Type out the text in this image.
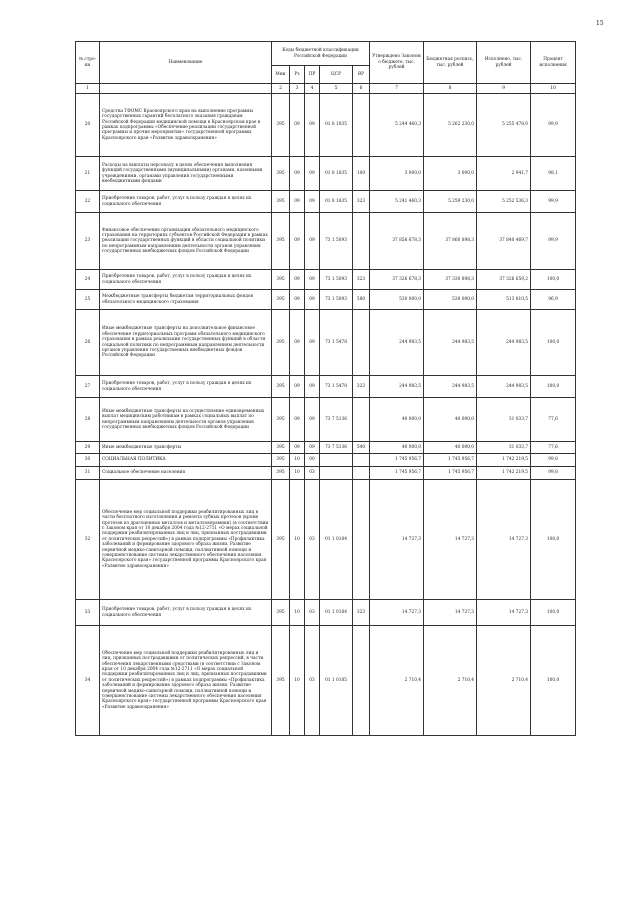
15
№ стро-ки	Наименование	Коды бюджетной классификации Российской Федерации					Утверждено Законом о бюджете, тыс. рублей	Бюджетная роспись, тыс. рублей	Исполнено, тыс. рублей	Процент исполнения
		Мин	Рз	ПР	ЦСР	ВР				
1		2	3	4	5	6	7	8	9	10
20	Средства ТФОМС Красноярского края на выполнение программы государственных гарантий бесплатного оказания гражданам Российской Федерации медицинской помощи в Красноярском крае в рамках подпрограммы «Обеспечение реализации государственной программы и прочие мероприятия» государственной программы Красноярского края «Развитие здравоохранения»	395	09	09	01 8 1835		5 244 460,3	5 262 230,0	5 255 478,0	99,9
21	Расходы на выплаты персоналу в целях обеспечения выполнения функций государственными (муниципальными) органами, казенными учреждениями, органами управления государственными внебюджетными фондами	395	09	09	01 8 1835	100	3 000,0	3 000,0	2 941,7	98,1
22	Приобретение товаров, работ, услуг в пользу граждан в целях их социального обеспечения	395	09	09	01 8 1835	323	5 241 460,3	5 259 230,0	5 252 536,3	99,9
23	Финансовое обеспечение организации обязательного медицинского страхования на территориях субъектов Российской Федерации в рамках реализации государственных функций в области социальной политики по непрограммным направлениям деятельности органов управления государственных внебюджетных фондов Российской Федерации	395	09	09	73 1 5093		37 856 678,3	37 860 898,3	37 840 469,7	99,9
24	Приобретение товаров, работ, услуг в пользу граждан в целях их социального обеспечения	395	09	09	73 1 5093	323	37 326 678,3	37 330 898,3	37 326 659,2	100,0
25	Межбюджетные трансферты бюджетам территориальных фондов обязательного медицинского страхования	395	09	09	73 1 5093	580	530 000,0	530 000,0	513 810,5	96,9
26	Иные межбюджетные трансферты на дополнительное финансовое обеспечение территориальных программ обязательного медицинского страхования в рамках реализации государственных функций в области социальной политики по непрограммным направлениям деятельности органов управления государственных внебюджетных фондов Российской Федерации	395	09	09	73 1 5478		244 983,5	244 983,5	244 983,5	100,0
27	Приобретение товаров, работ, услуг в пользу граждан в целях их социального обеспечения	395	09	09	73 1 5478	323	244 983,5	244 983,5	244 983,5	100,0
28	Иные межбюджетные трансферты на осуществление единовременных выплат медицинским работникам в рамках социальных выплат по непрограммным направлениям деятельности органов управления государственных внебюджетных фондов Российской Федерации	395	09	09	73 7 5136		40 000,0	40 000,0	31 033,7	77,6
29	Иные межбюджетные трансферты	395	09	09	73 7 5136	540	40 000,0	40 000,0	31 033,7	77,6
30	СОЦИАЛЬНАЯ ПОЛИТИКА	395	10	00			1 745 956,7	1 745 956,7	1 742 219,5	99,8
31	Социальное обеспечение населения	395	10	03			1 745 956,7	1 745 956,7	1 742 219,5	99,8
32	Обеспечение мер социальной поддержки реабилитированных лиц в части бесплатного изготовления и ремонта зубных протезов (кроме протезов из драгоценных металлов и металлокерамики) (в соответствии с Законом края от 10 декабря 2004 года №12-2711 «О мерах социальной поддержки реабилитированных лиц и лиц, признанных пострадавшими от политических репрессий») в рамках подпрограммы «Профилактика заболеваний и формирование здорового образа жизни. Развитие первичной медико-санитарной помощи, паллиативной помощи и совершенствование системы лекарственного обеспечения населения Красноярского края» государственной программы Красноярского края «Развитие здравоохранения»	395	10	03	01 1 0184		14 727,3	14 727,3	14 727,3	100,0
33	Приобретение товаров, работ, услуг в пользу граждан в целях их социального обеспечения	395	10	03	01 1 0184	323	14 727,3	14 727,3	14 727,3	100,0
34	Обеспечение мер социальной поддержки реабилитированных лиц и лиц, признанных пострадавшими от политических репрессий, в части обеспечения лекарственными средствами (в соответствии с Законом края от 10 декабря 2004 года №12-2711 «О мерах социальной поддержки реабилитированных лиц и лиц, признанных пострадавшими от политических репрессий») в рамках подпрограммы «Профилактика заболеваний и формирование здорового образа жизни. Развитие первичной медико-санитарной помощи, паллиативной помощи и совершенствование системы лекарственного обеспечения населения Красноярского края» государственной программы Красноярского края «Развитие здравоохранения»	395	10	03	01 1 0185		2 710,4	2 710,4	2 710,4	100,0
